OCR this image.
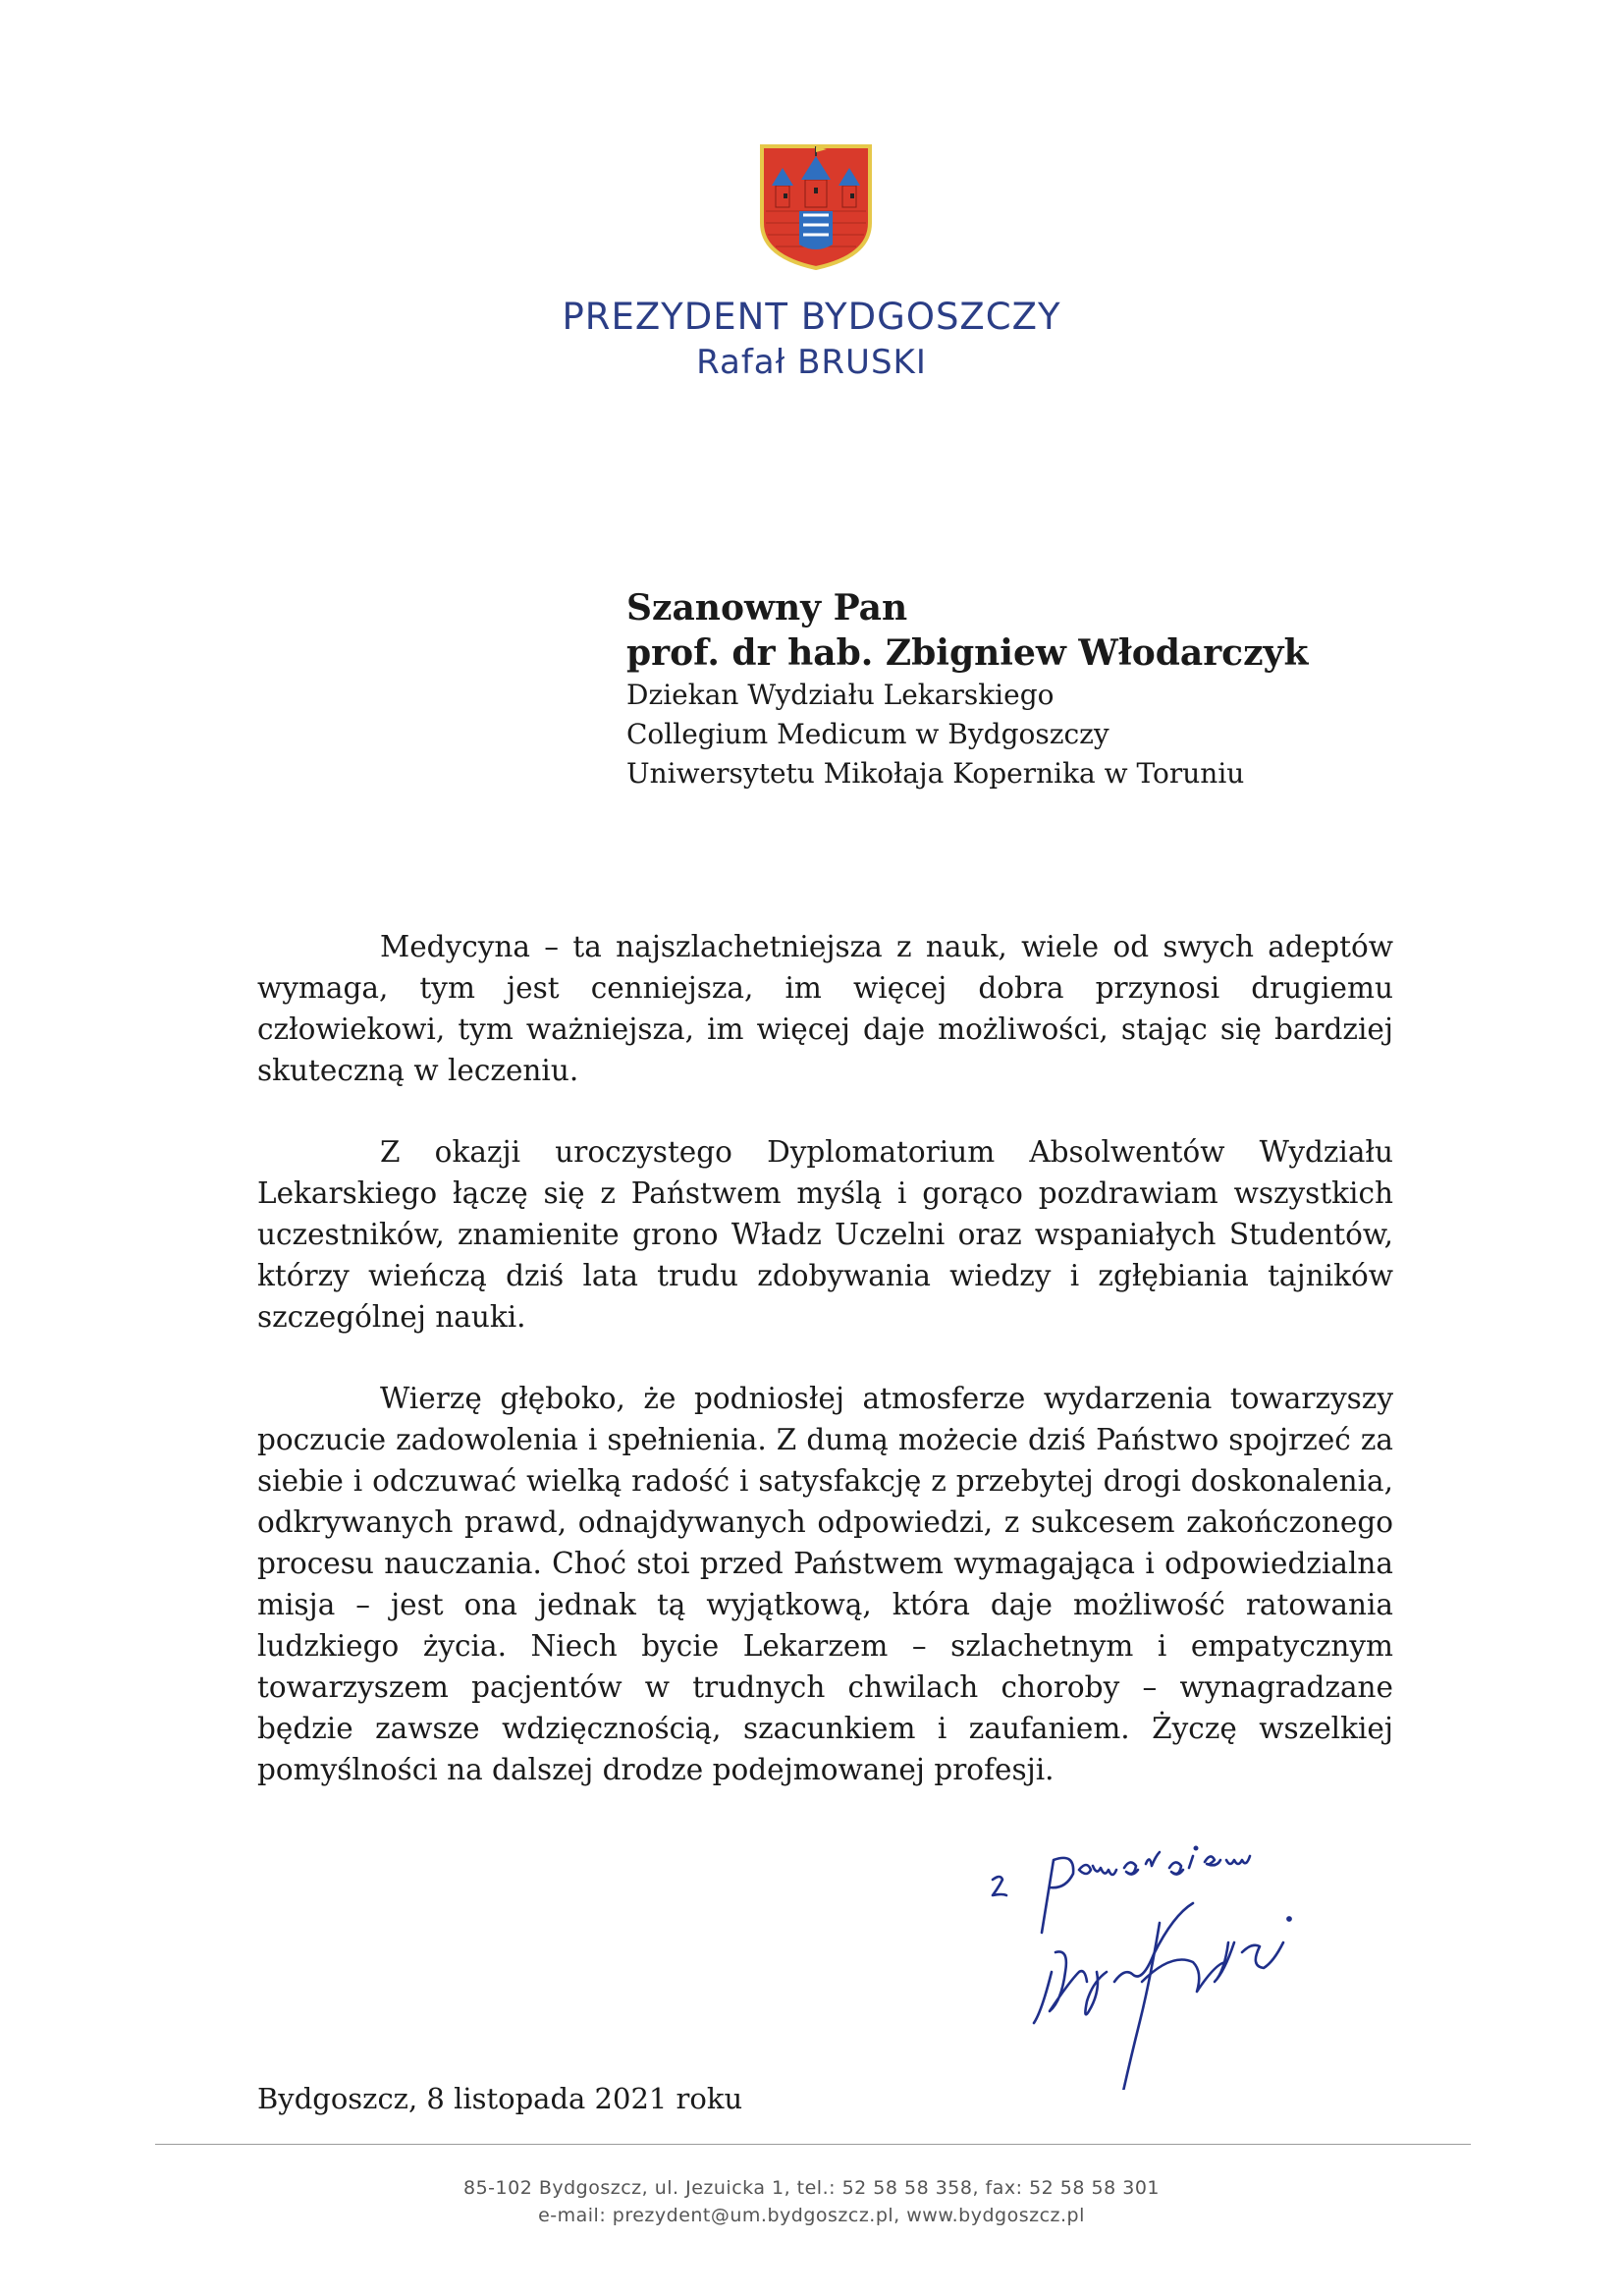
PREZYDENT BYDGOSZCZY
Rafał BRUSKI
Szanowny Pan
prof. dr hab. Zbigniew Włodarczyk
Dziekan Wydziału Lekarskiego
Collegium Medicum w Bydgoszczy
Uniwersytetu Mikołaja Kopernika w Toruniu

Medycyna – ta najszlachetniejsza z nauk, wiele od swych adeptów wymaga, tym jest cenniejsza, im więcej dobra przynosi drugiemu człowiekowi, tym ważniejsza, im więcej daje możliwości, stając się bardziej skuteczną w leczeniu.

Z okazji uroczystego Dyplomatorium Absolwentów Wydziału Lekarskiego łączę się z Państwem myślą i gorąco pozdrawiam wszystkich uczestników, znamienite grono Władz Uczelni oraz wspaniałych Studentów, którzy wieńczą dziś lata trudu zdobywania wiedzy i zgłębiania tajników szczególnej nauki.

Wierzę głęboko, że podniosłej atmosferze wydarzenia towarzyszy poczucie zadowolenia i spełnienia. Z dumą możecie dziś Państwo spojrzeć za siebie i odczuwać wielką radość i satysfakcję z przebytej drogi doskonalenia, odkrywanych prawd, odnajdywanych odpowiedzi, z sukcesem zakończonego procesu nauczania. Choć stoi przed Państwem wymagająca i odpowiedzialna misja – jest ona jednak tą wyjątkową, która daje możliwość ratowania ludzkiego życia. Niech bycie Lekarzem – szlachetnym i empatycznym towarzyszem pacjentów w trudnych chwilach choroby – wynagradzane będzie zawsze wdzięcznością, szacunkiem i zaufaniem. Życzę wszelkiej pomyślności na dalszej drodze podejmowanej profesji.

Bydgoszcz, 8 listopada 2021 roku
85-102 Bydgoszcz, ul. Jezuicka 1, tel.: 52 58 58 358, fax: 52 58 58 301
e-mail: prezydent@um.bydgoszcz.pl, www.bydgoszcz.pl
